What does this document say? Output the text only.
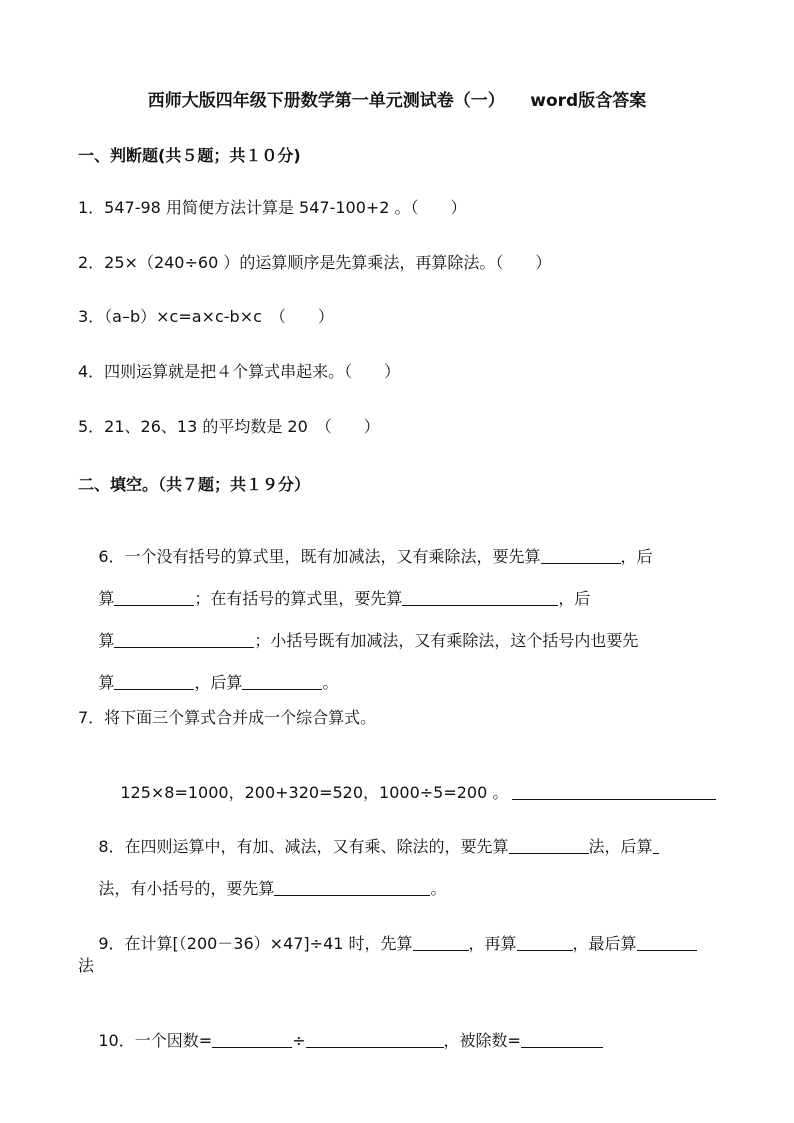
西师大版四年级下册数学第一单元测试卷（一）　　word版含答案
一、判断题(共５题；共１０分)
1．547-98 用简便方法计算是 547-100+2 。（　　）
2．25×（240÷60 ）的运算顺序是先算乘法，再算除法。（　　）
3．（a–b）×c=a×c-b×c　（　　）
4．四则运算就是把４个算式串起来。（　　）
5．21、26、13 的平均数是 20　（　　）
二、填空。（共７题；共１９分）

6．一个没有括号的算式里，既有加减法，又有乘除法，要先算	，后

算	；在有括号的算式里，要先算	，后

算	；小括号既有加减法，又有乘除法，这个括号内也要先

算	，后算	。

7．将下面三个算式合并成一个综合算式。

125×8=1000，200+320=520，1000÷5=200 。

8．在四则运算中，有加、减法，又有乘、除法的，要先算	法，后算

法，有小括号的，要先算	。

9．在计算[（200－36）×47]÷41 时，先算	，再算	，最后算

法

10．一个因数=	÷	，被除数=
